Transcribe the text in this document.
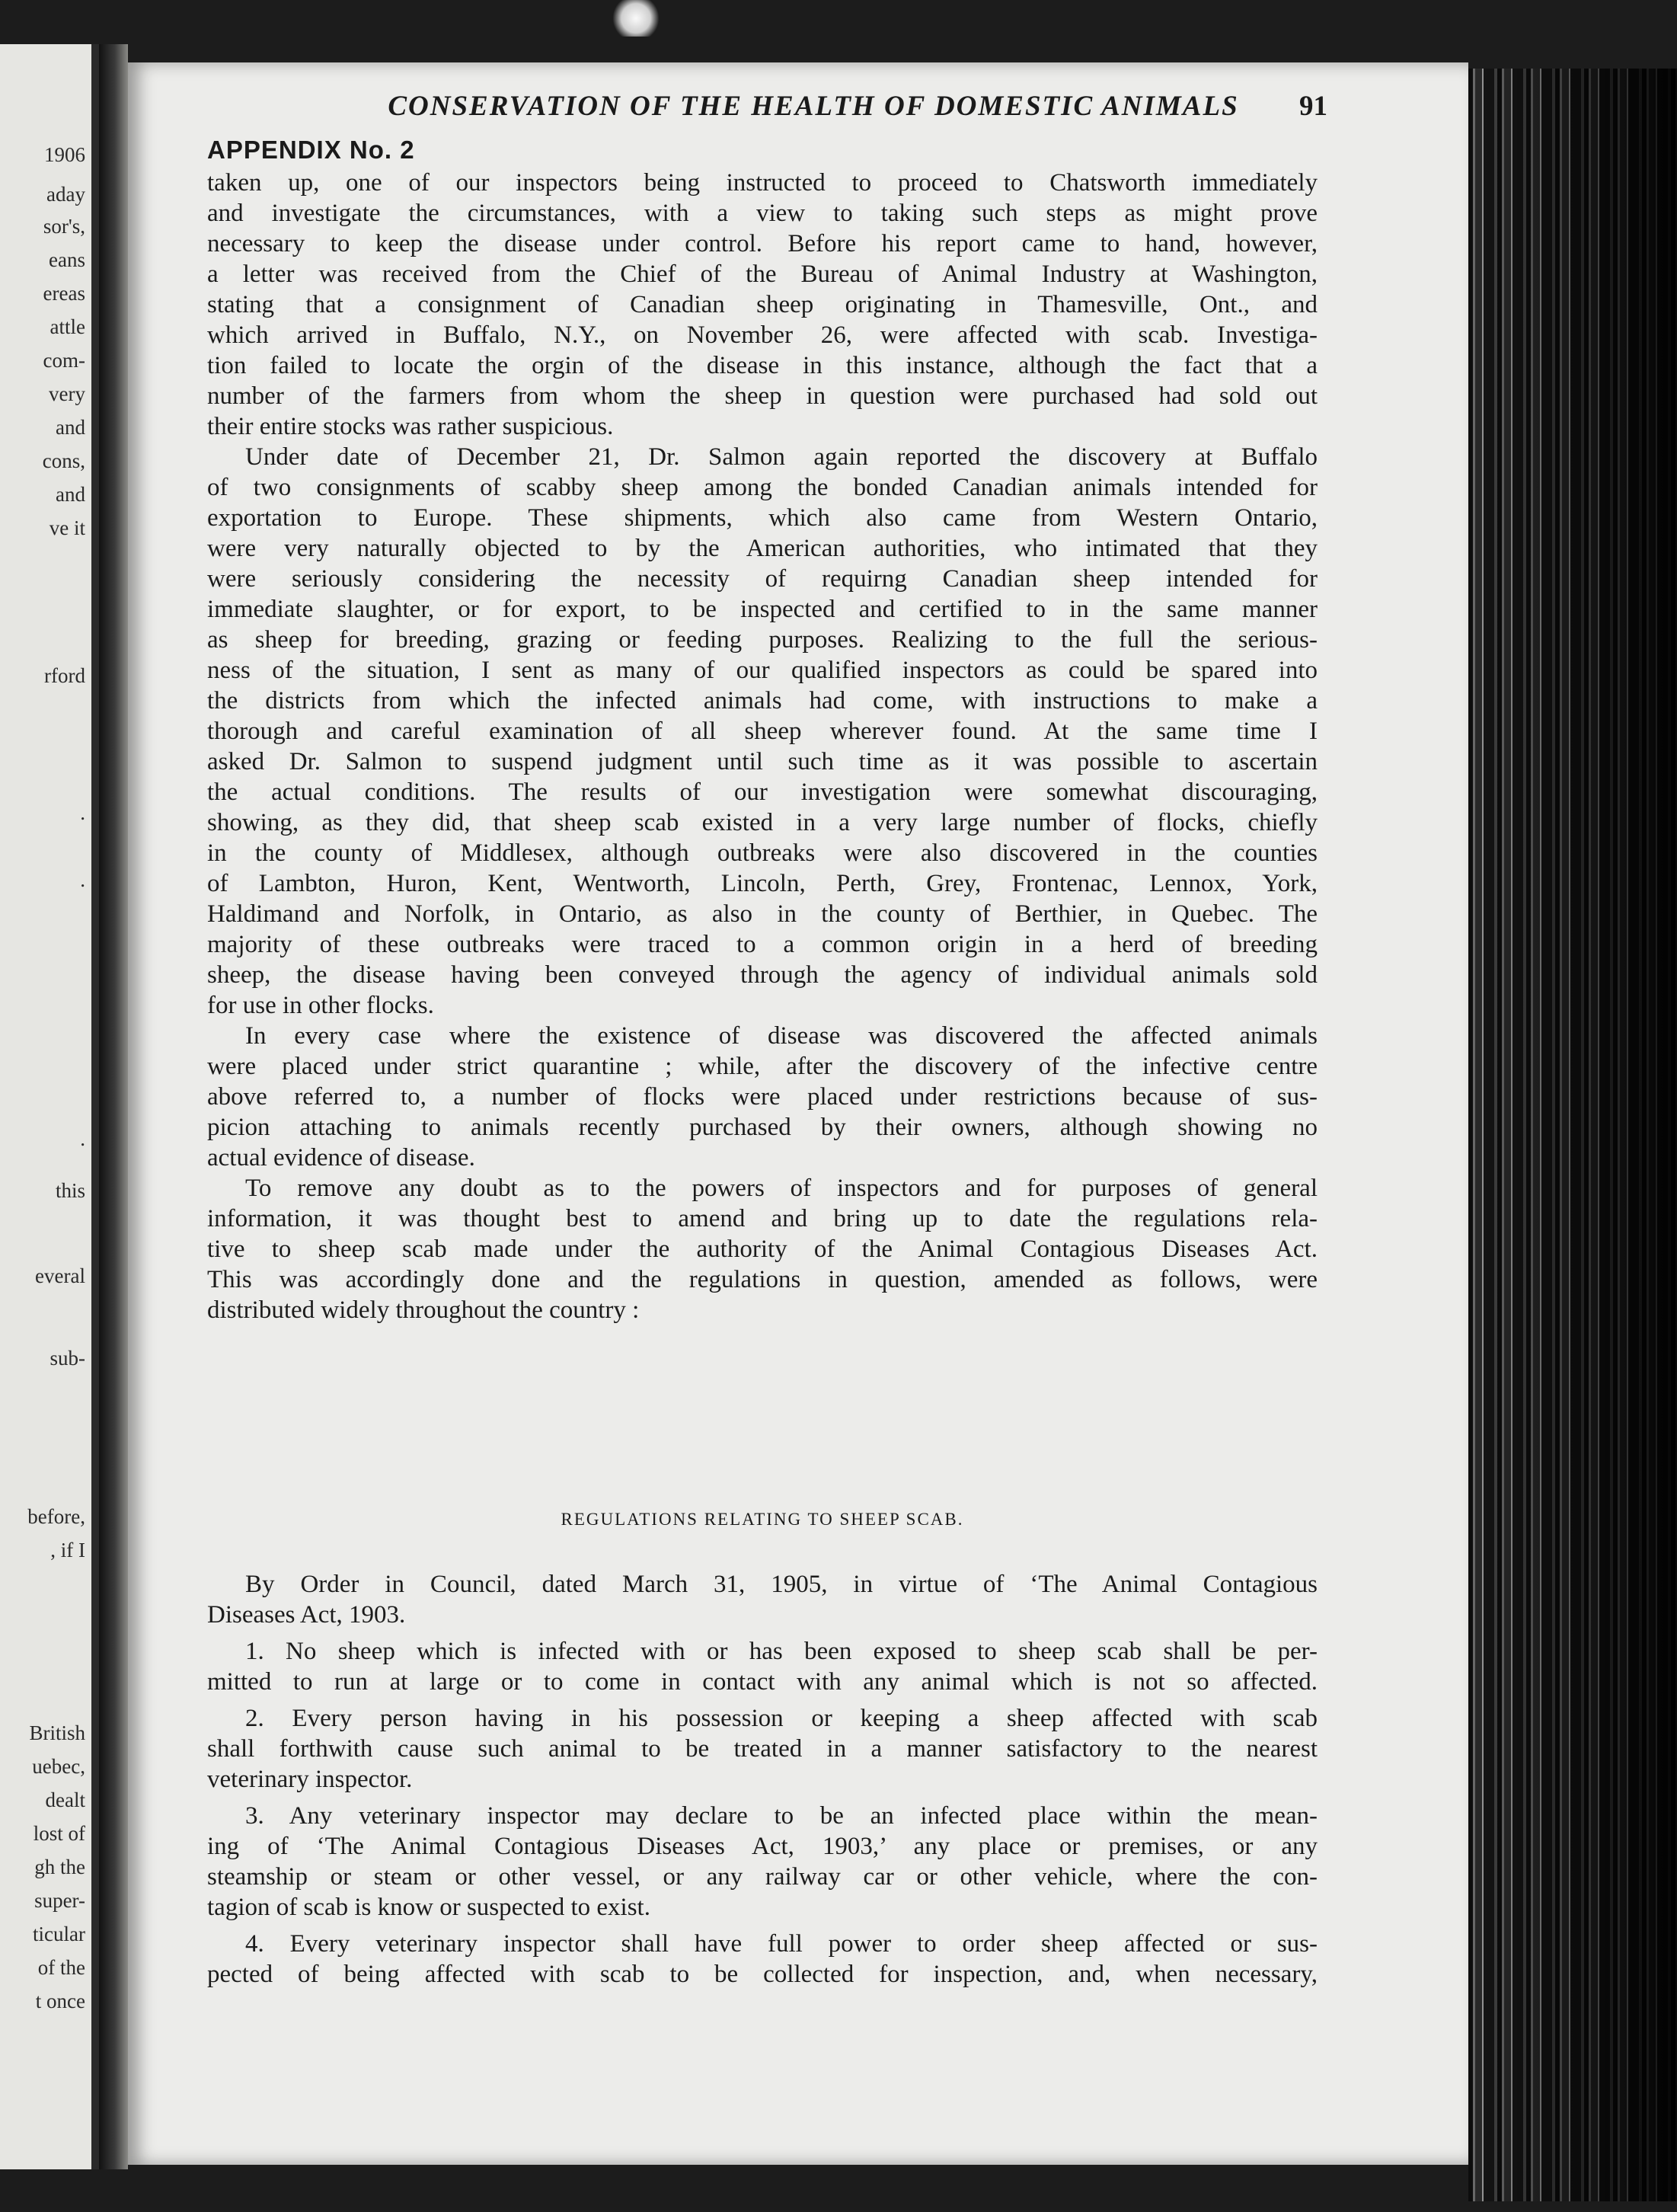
1906
aday
sor's,
eans
ereas
attle
com-
very
and
cons,
and
ve it
rford
.
.
.
this
everal
sub-
before,
, if I
British
uebec,
dealt
lost of
gh the
super-
ticular
of the
t once
CONSERVATION OF THE HEALTH OF DOMESTIC ANIMALS	91
APPENDIX No. 2
REGULATIONS RELATING TO SHEEP SCAB.
taken up, one of our inspectors being instructed to proceed to Chatsworth immediately
and investigate the circumstances, with a view to taking such steps as might prove
necessary to keep the disease under control. Before his report came to hand, however,
a letter was received from the Chief of the Bureau of Animal Industry at Washington,
stating that a consignment of Canadian sheep originating in Thamesville, Ont., and
which arrived in Buffalo, N.Y., on November 26, were affected with scab. Investiga-
tion failed to locate the orgin of the disease in this instance, although the fact that a
number of the farmers from whom the sheep in question were purchased had sold out
their entire stocks was rather suspicious.
Under date of December 21, Dr. Salmon again reported the discovery at Buffalo
of two consignments of scabby sheep among the bonded Canadian animals intended for
exportation to Europe. These shipments, which also came from Western Ontario,
were very naturally objected to by the American authorities, who intimated that they
were seriously considering the necessity of requirng Canadian sheep intended for
immediate slaughter, or for export, to be inspected and certified to in the same manner
as sheep for breeding, grazing or feeding purposes. Realizing to the full the serious-
ness of the situation, I sent as many of our qualified inspectors as could be spared into
the districts from which the infected animals had come, with instructions to make a
thorough and careful examination of all sheep wherever found. At the same time I
asked Dr. Salmon to suspend judgment until such time as it was possible to ascertain
the actual conditions. The results of our investigation were somewhat discouraging,
showing, as they did, that sheep scab existed in a very large number of flocks, chiefly
in the county of Middlesex, although outbreaks were also discovered in the counties
of Lambton, Huron, Kent, Wentworth, Lincoln, Perth, Grey, Frontenac, Lennox, York,
Haldimand and Norfolk, in Ontario, as also in the county of Berthier, in Quebec. The
majority of these outbreaks were traced to a common origin in a herd of breeding
sheep, the disease having been conveyed through the agency of individual animals sold
for use in other flocks.
In every case where the existence of disease was discovered the affected animals
were placed under strict quarantine ; while, after the discovery of the infective centre
above referred to, a number of flocks were placed under restrictions because of sus-
picion attaching to animals recently purchased by their owners, although showing no
actual evidence of disease.
To remove any doubt as to the powers of inspectors and for purposes of general
information, it was thought best to amend and bring up to date the regulations rela-
tive to sheep scab made under the authority of the Animal Contagious Diseases Act.
This was accordingly done and the regulations in question, amended as follows, were
distributed widely throughout the country :
By Order in Council, dated March 31, 1905, in virtue of ‘The Animal Contagious
Diseases Act, 1903.
1. No sheep which is infected with or has been exposed to sheep scab shall be per-
mitted to run at large or to come in contact with any animal which is not so affected.
2. Every person having in his possession or keeping a sheep affected with scab
shall forthwith cause such animal to be treated in a manner satisfactory to the nearest
veterinary inspector.
3. Any veterinary inspector may declare to be an infected place within the mean-
ing of ‘The Animal Contagious Diseases Act, 1903,’ any place or premises, or any
steamship or steam or other vessel, or any railway car or other vehicle, where the con-
tagion of scab is know or suspected to exist.
4. Every veterinary inspector shall have full power to order sheep affected or sus-
pected of being affected with scab to be collected for inspection, and, when necessary,
